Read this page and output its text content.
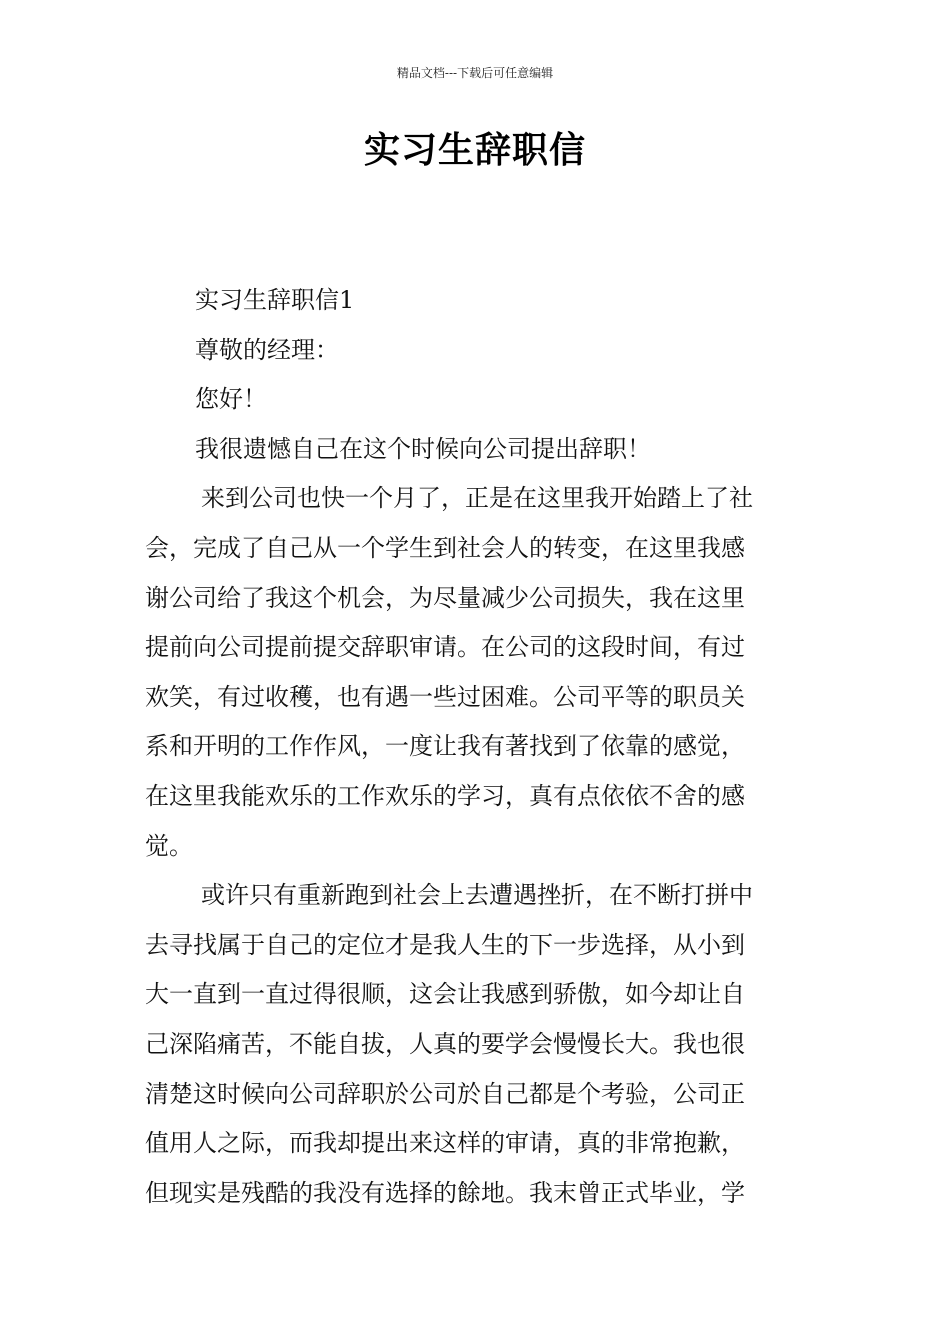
精品文档---下载后可任意编辑
实习生辞职信
实习生辞职信1
尊敬的经理：
您好！
我很遗憾自己在这个时候向公司提出辞职！
来到公司也快一个月了，正是在这里我开始踏上了社
会，完成了自己从一个学生到社会人的转变，在这里我感
谢公司给了我这个机会，为尽量减少公司损失，我在这里
提前向公司提前提交辞职审请。在公司的这段时间，有过
欢笑，有过收穫，也有遇一些过困难。公司平等的职员关
系和开明的工作作风，一度让我有著找到了依靠的感觉，
在这里我能欢乐的工作欢乐的学习，真有点依依不舍的感
觉。
或许只有重新跑到社会上去遭遇挫折，在不断打拼中
去寻找属于自己的定位才是我人生的下一步选择，从小到
大一直到一直过得很顺，这会让我感到骄傲，如今却让自
己深陷痛苦，不能自拔，人真的要学会慢慢长大。我也很
清楚这时候向公司辞职於公司於自己都是个考验，公司正
值用人之际，而我却提出来这样的审请，真的非常抱歉，
但现实是残酷的我没有选择的餘地。我末曾正式毕业，学
